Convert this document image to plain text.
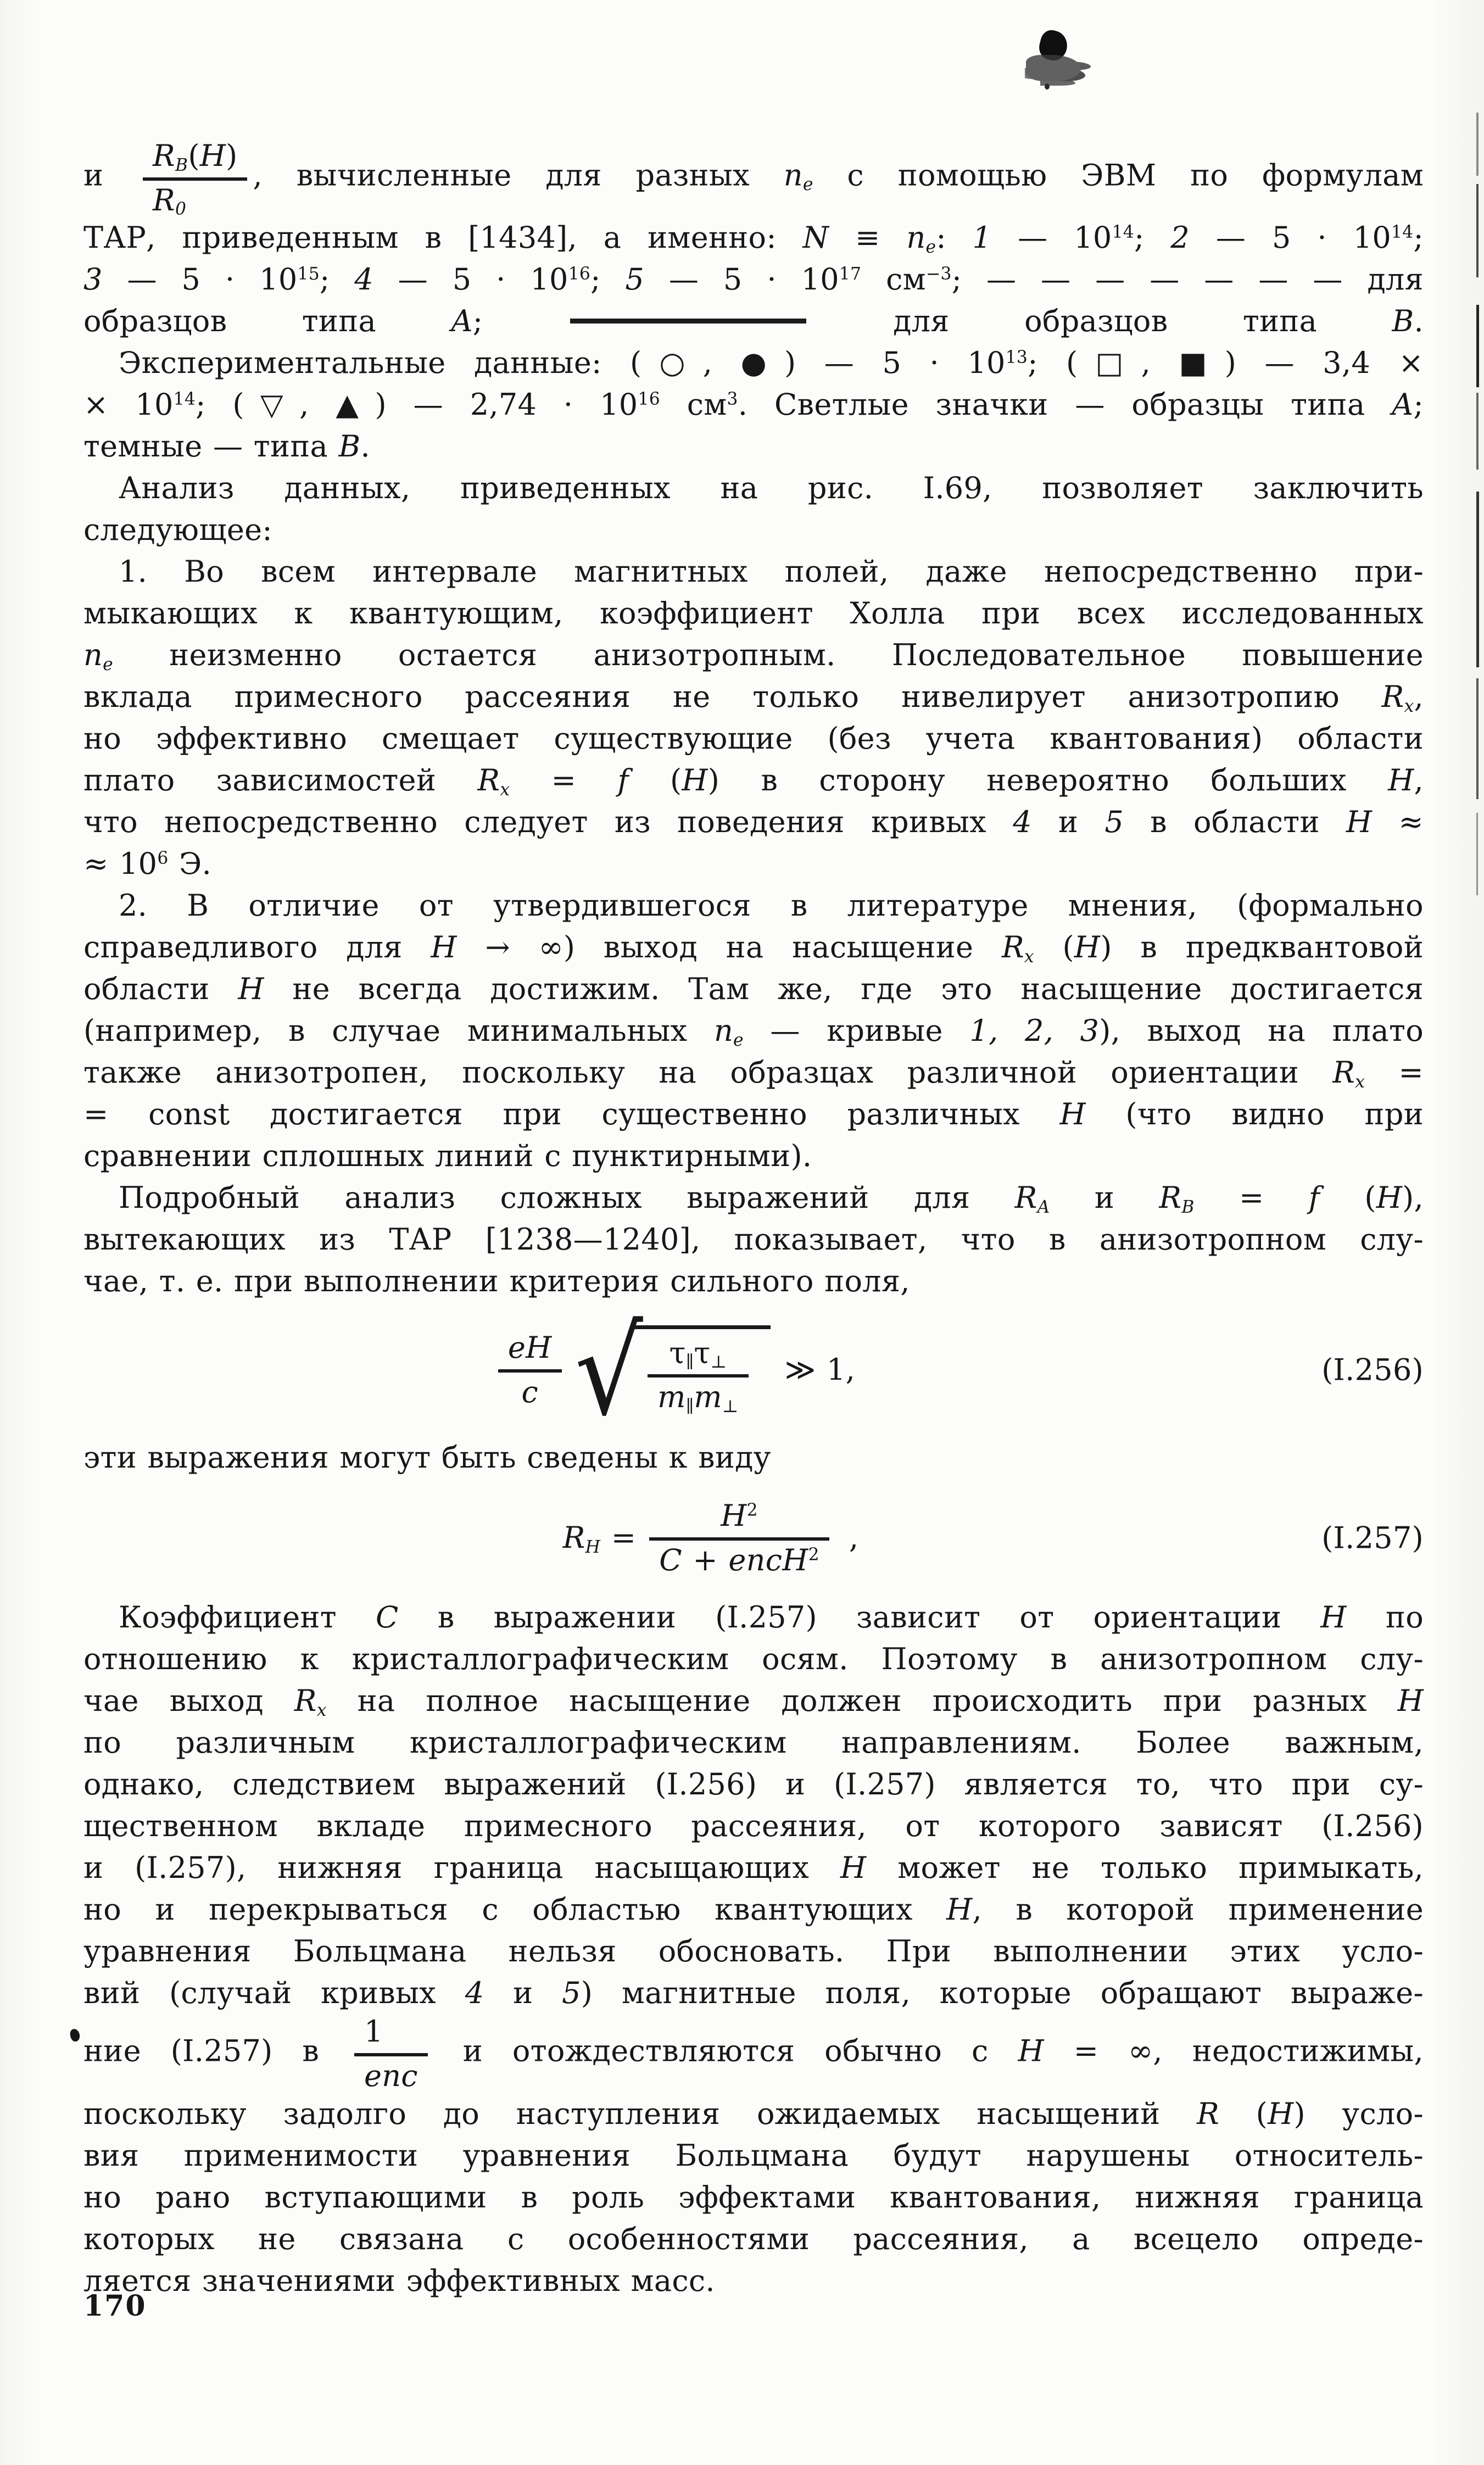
и $\frac{R_B(H)}{R_0}$ , вычисленные для разных $n_e$ с помощью ЭВМ по формулам
ТАР, приведенным в [1434], а именно: $N \equiv n_e$: 1 — $10^{14}$; 2 — $5 \cdot 10^{14}$;
3 — $5 \cdot 10^{15}$; 4 — $5 \cdot 10^{16}$; 5 — $5 \cdot 10^{17}$ $см^{-3}$; — — — — — — — для
образцов типа A;	для образцов типа B.
Экспериментальные данные: (○, ●) — $5 \cdot 10^{13}$; (□, ■) — 3,4 ×
× $10^{14}$; (▽, ▲) — $2,74 \cdot 10^{16}$ $см^3$. Светлые значки — образцы типа A;
темные — типа B.
Анализ данных, приведенных на рис. I.69, позволяет заключить
следующее:
1. Во всем интервале магнитных полей, даже непосредственно при-
мыкающих к квантующим, коэффициент Холла при всех исследованных
$n_e$ неизменно остается анизотропным. Последовательное повышение
вклада примесного рассеяния не только нивелирует анизотропию $R_x$,
но эффективно смещает существующие (без учета квантования) области
плато зависимостей $R_x = f$ (H) в сторону невероятно больших H,
что непосредственно следует из поведения кривых 4 и 5 в области H ≈
≈ $10^6$ Э.
2. В отличие от утвердившегося в литературе мнения, (формально
справедливого для H → ∞) выход на насыщение $R_x$ (H) в предквантовой
области H не всегда достижим. Там же, где это насыщение достигается
(например, в случае минимальных $n_e$ — кривые 1, 2, 3), выход на плато
также анизотропен, поскольку на образцах различной ориентации $R_x$ =
= const достигается при существенно различных H (что видно при
сравнении сплошных линий с пунктирными).
Подробный анализ сложных выражений для $R_A$ и $R_B = f$ (H),
вытекающих из ТАР [1238—1240], показывает, что в анизотропном слу-
чае, т. е. при выполнении критерия сильного поля,
$\frac{eH}{c}$ √ $\frac{\tau_\parallel\tau_\perp}{m_\parallel m_\perp}$ ≫ 1,	(I.256)
эти выражения могут быть сведены к виду
$R_H = \frac{H^2}{C + encH^2}$ ,	(I.257)
Коэффициент C в выражении (I.257) зависит от ориентации H по
отношению к кристаллографическим осям. Поэтому в анизотропном слу-
чае выход $R_x$ на полное насыщение должен происходить при разных H
по различным кристаллографическим направлениям. Более важным,
однако, следствием выражений (I.256) и (I.257) является то, что при су-
щественном вкладе примесного рассеяния, от которого зависят (I.256)
и (I.257), нижняя граница насыщающих H может не только примыкать,
но и перекрываться с областью квантующих H, в которой применение
уравнения Больцмана нельзя обосновать. При выполнении этих усло-
вий (случай кривых 4 и 5) магнитные поля, которые обращают выраже-
ние (I.257) в $\frac{1}{\text{enc}}$ и отождествляются обычно с H = ∞, недостижимы,
поскольку задолго до наступления ожидаемых насыщений R (H) усло-
вия применимости уравнения Больцмана будут нарушены относитель-
но рано вступающими в роль эффектами квантования, нижняя граница
которых не связана с особенностями рассеяния, а всецело опреде-
ляется значениями эффективных масс.
170
